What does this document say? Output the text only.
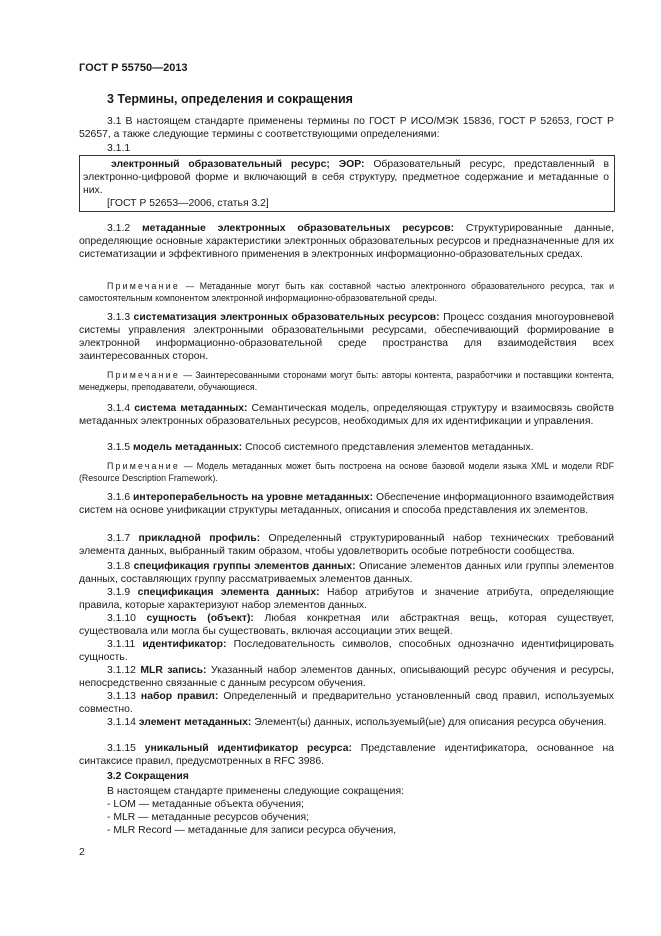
ГОСТ Р 55750—2013
3 Термины, определения и сокращения

3.1 В настоящем стандарте применены термины по ГОСТ Р ИСО/МЭК 15836, ГОСТ Р 52653, ГОСТ Р 52657, а также следующие термины с соответствующими определениями:

3.1.1

электронный образовательный ресурс; ЭОР: Образовательный ресурс, представленный в электронно-цифровой форме и включающий в себя структуру, предметное содержание и метаданные о них.

[ГОСТ Р 52653—2006, статья 3.2]

3.1.2 метаданные электронных образовательных ресурсов: Структурированные данные, определяющие основные характеристики электронных образовательных ресурсов и предназначенные для их систематизации и эффективного применения в электронных информационно-образовательных средах.

Примечание — Метаданные могут быть как составной частью электронного образовательного ресурса, так и самостоятельным компонентом электронной информационно-образовательной среды.

3.1.3 систематизация электронных образовательных ресурсов: Процесс создания многоуровневой системы управления электронными образовательными ресурсами, обеспечивающий формирование в электронной информационно-образовательной среде пространства для взаимодействия всех заинтересованных сторон.

Примечание — Заинтересованными сторонами могут быть: авторы контента, разработчики и поставщики контента, менеджеры, преподаватели, обучающиеся.

3.1.4 система метаданных: Семантическая модель, определяющая структуру и взаимосвязь свойств метаданных электронных образовательных ресурсов, необходимых для их идентификации и управления.

3.1.5 модель метаданных: Способ системного представления элементов метаданных.

Примечание — Модель метаданных может быть построена на основе базовой модели языка XML и модели RDF (Resource Description Framework).

3.1.6 интероперабельность на уровне метаданных: Обеспечение информационного взаимодействия систем на основе унификации структуры метаданных, описания и способа представления их элементов.

3.1.7 прикладной профиль: Определенный структурированный набор технических требований элемента данных, выбранный таким образом, чтобы удовлетворить особые потребности сообщества.

3.1.8 спецификация группы элементов данных: Описание элементов данных или группы элементов данных, составляющих группу рассматриваемых элементов данных.

3.1.9 спецификация элемента данных: Набор атрибутов и значение атрибута, определяющие правила, которые характеризуют набор элементов данных.

3.1.10 сущность (объект): Любая конкретная или абстрактная вещь, которая существует, существовала или могла бы существовать, включая ассоциации этих вещей.

3.1.11 идентификатор: Последовательность символов, способных однозначно идентифицировать сущность.

3.1.12 MLR запись: Указанный набор элементов данных, описывающий ресурс обучения и ресурсы, непосредственно связанные с данным ресурсом обучения.

3.1.13 набор правил: Определенный и предварительно установленный свод правил, используемых совместно.

3.1.14 элемент метаданных: Элемент(ы) данных, используемый(ые) для описания ресурса обучения.

3.1.15 уникальный идентификатор ресурса: Представление идентификатора, основанное на синтаксисе правил, предусмотренных в RFC 3986.

3.2 Сокращения
В настоящем стандарте применены следующие сокращения:
- LOM — метаданные объекта обучения;
- MLR — метаданные ресурсов обучения;
- MLR Record — метаданные для записи ресурса обучения,
2
